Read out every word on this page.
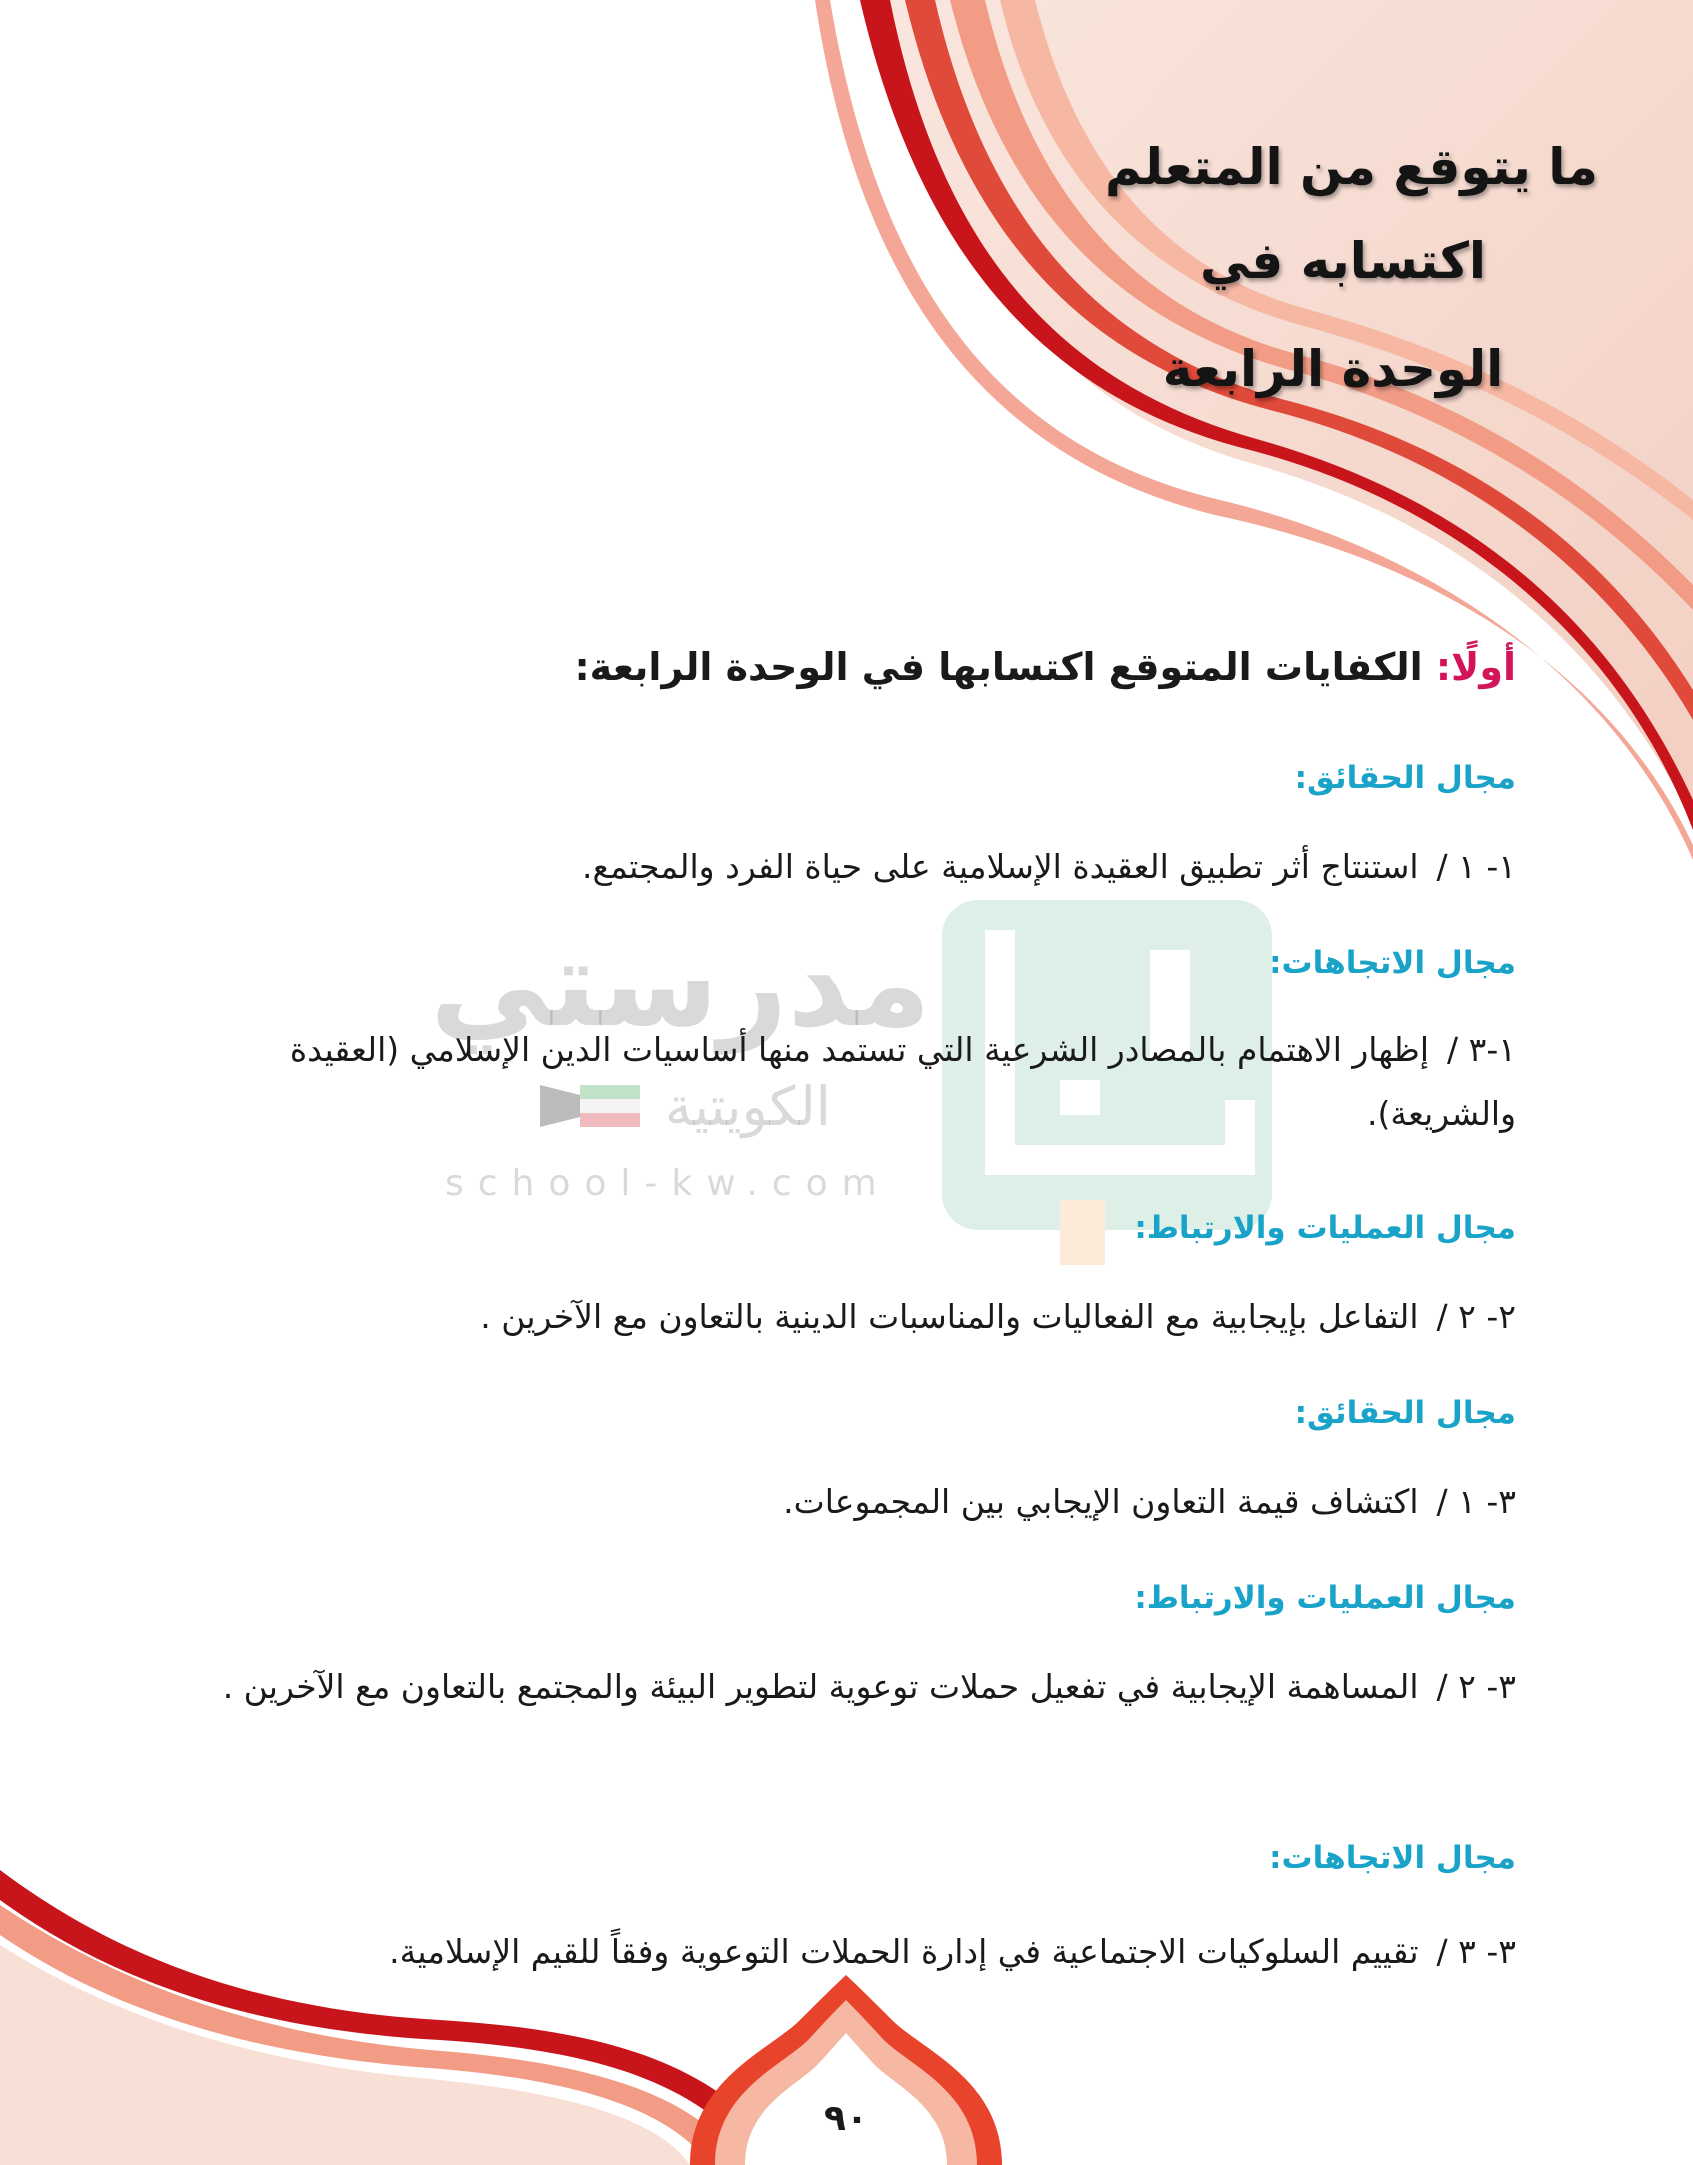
ما يتوقع من المتعلم
اكتسابه في
الوحدة الرابعة
مدرستي
الكويتية
school-kw.com
أولًا: الكفايات المتوقع اكتسابها في الوحدة الرابعة:
مجال الحقائق:
١- ١ /استنتاج أثر تطبيق العقيدة الإسلامية على حياة الفرد والمجتمع.
مجال الاتجاهات:
١-٣ /إظهار الاهتمام بالمصادر الشرعية التي تستمد منها أساسيات الدين الإسلامي (العقيدة والشريعة).
مجال العمليات والارتباط:
٢- ٢ /التفاعل بإيجابية مع الفعاليات والمناسبات الدينية بالتعاون مع الآخرين .
مجال الحقائق:
٣- ١ /اكتشاف قيمة التعاون الإيجابي بين المجموعات.
مجال العمليات والارتباط:
٣- ٢ /المساهمة الإيجابية في تفعيل حملات توعوية لتطوير البيئة والمجتمع بالتعاون مع الآخرين .
مجال الاتجاهات:
٣- ٣ /تقييم السلوكيات الاجتماعية في إدارة الحملات التوعوية وفقاً للقيم الإسلامية.
٩٠
